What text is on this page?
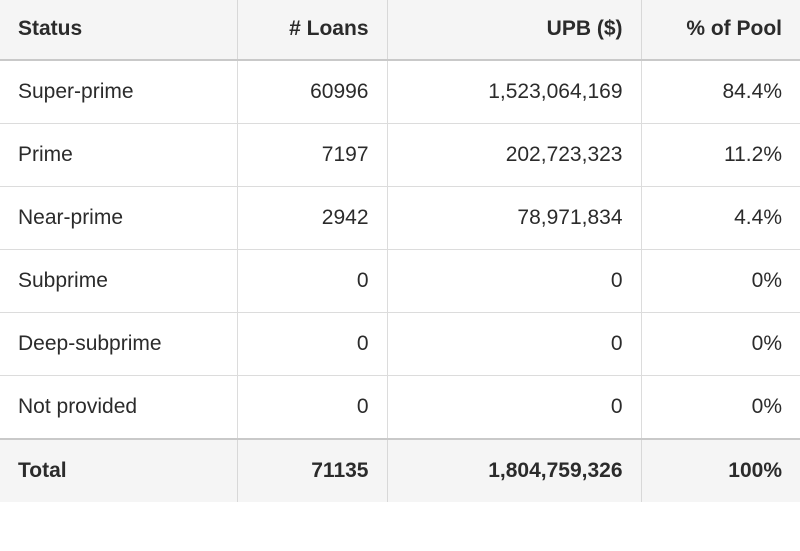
Status	# Loans	UPB ($)	% of Pool
Super-prime	60996	1,523,064,169	84.4%
Prime	7197	202,723,323	11.2%
Near-prime	2942	78,971,834	4.4%
Subprime	0	0	0%
Deep-subprime	0	0	0%
Not provided	0	0	0%
Total	71135	1,804,759,326	100%
